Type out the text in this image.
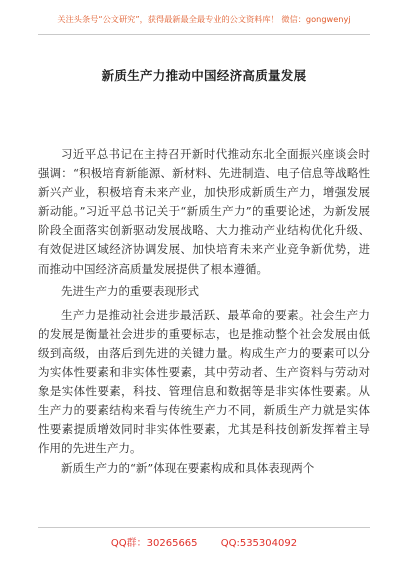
关注头条号“公文研究”，获得最新最全最专业的公文资料库！ 微信：gongwenyj
新质生产力推动中国经济高质量发展

习近平总书记在主持召开新时代推动东北全面振兴座谈会时强调：“积极培育新能源、新材料、先进制造、电子信息等战略性新兴产业，积极培育未来产业，加快形成新质生产力，增强发展新动能。”习近平总书记关于“新质生产力”的重要论述，为新发展阶段全面落实创新驱动发展战略、大力推动产业结构优化升级、有效促进区域经济协调发展、加快培育未来产业竞争新优势，进而推动中国经济高质量发展提供了根本遵循。

先进生产力的重要表现形式

生产力是推动社会进步最活跃、最革命的要素。社会生产力的发展是衡量社会进步的重要标志，也是推动整个社会发展由低级到高级，由落后到先进的关键力量。构成生产力的要素可以分为实体性要素和非实体性要素，其中劳动者、生产资料与劳动对象是实体性要素，科技、管理信息和数据等是非实体性要素。从生产力的要素结构来看与传统生产力不同，新质生产力就是实体性要素提质增效同时非实体性要素，尤其是科技创新发挥着主导作用的先进生产力。

新质生产力的“新”体现在要素构成和具体表现两个

QQ群：30265665 QQ:535304092
